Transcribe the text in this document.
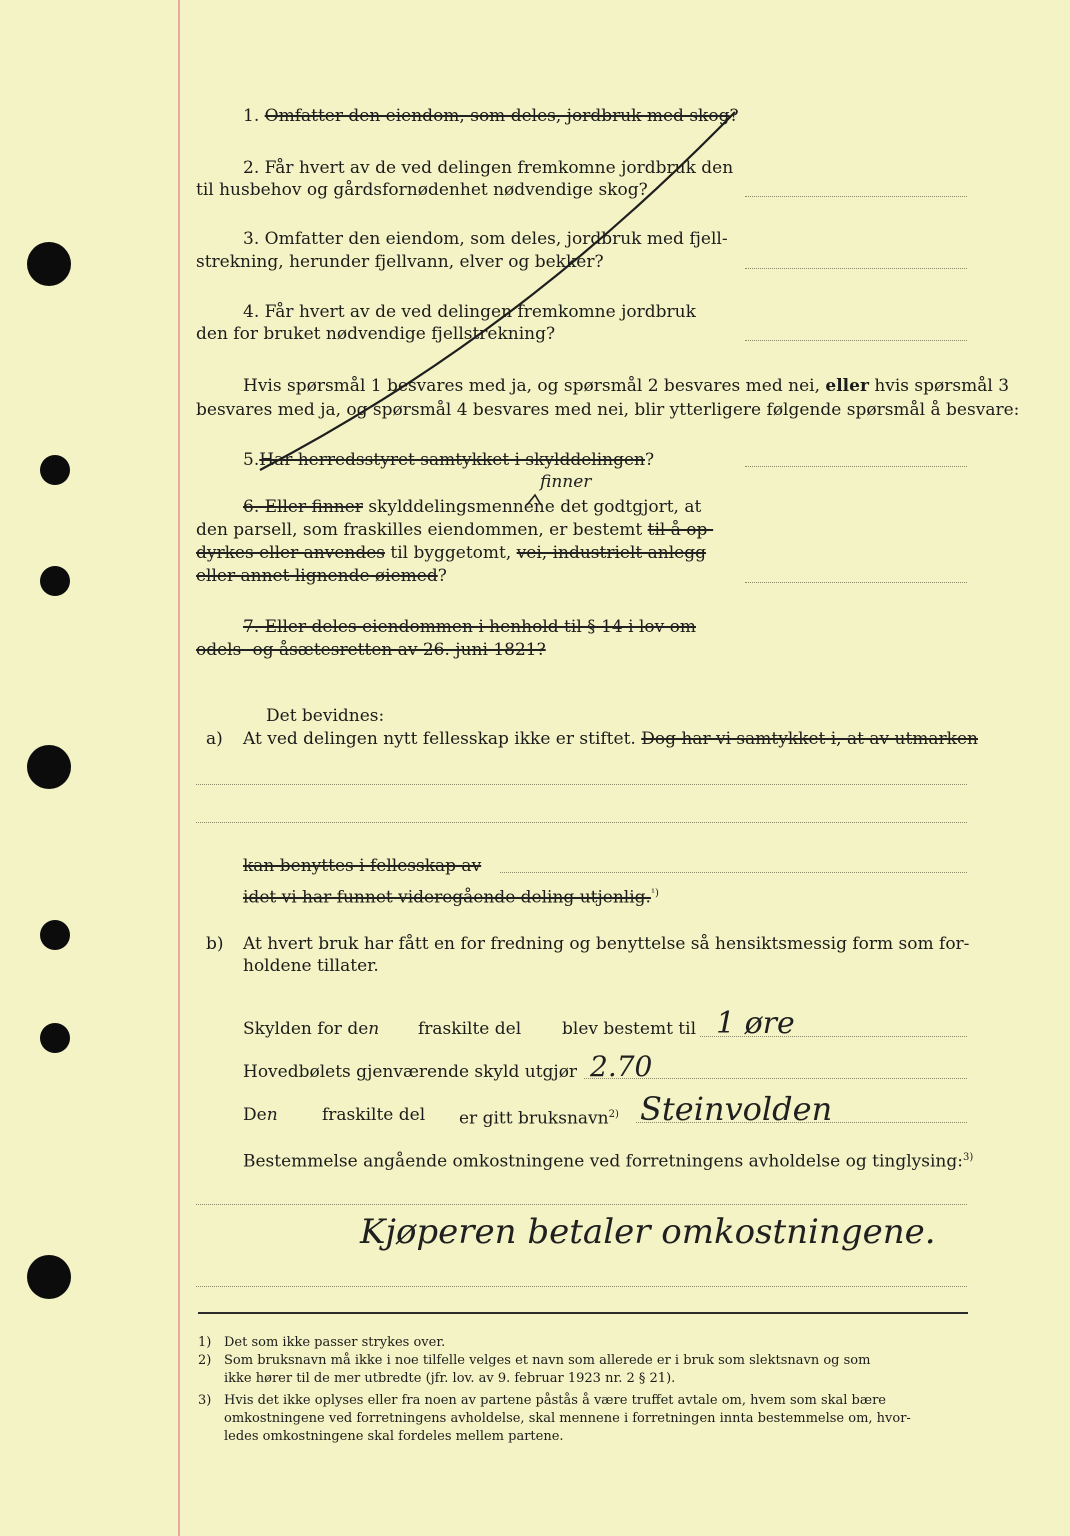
1. Omfatter den eiendom, som deles, jordbruk med skog?
2. Får hvert av de ved delingen fremkomne jordbruk den
til husbehov og gårdsfornødenhet nødvendige skog?
3. Omfatter den eiendom, som deles, jordbruk med fjell-
strekning, herunder fjellvann, elver og bekker?
4. Får hvert av de ved delingen fremkomne jordbruk
den for bruket nødvendige fjellstrekning?
Hvis spørsmål 1 besvares med ja, og spørsmål 2 besvares med nei, eller hvis spørsmål 3
besvares med ja, og spørsmål 4 besvares med nei, blir ytterligere følgende spørsmål å besvare:
5.Har herredsstyret samtykket i skylddelingen?
finner
6. Eller finner skylddelingsmennene det godtgjort, at
den parsell, som fraskilles eiendommen, er bestemt til å op-
dyrkes eller anvendes til byggetomt, vei, industrielt anlegg
eller annet lignende øiemed?
7. Eller deles eiendommen i henhold til § 14 i lov om
odels- og åsætesretten av 26. juni 1821?
Det bevidnes:
a) At ved delingen nytt fellesskap ikke er stiftet. Dog har vi samtykket i, at av utmarken
kan benyttes i fellesskap av
idet vi har funnet videregående deling utjenlig.$^{^1)}$
b) At hvert bruk har fått en for fredning og benyttelse så hensiktsmessig form som for-
holdene tillater.
Skylden for den fraskilte del blev bestemt til 1 øre
Hovedbølets gjenværende skyld utgjør 2.70
Den	fraskilte del er gitt bruksnavn$^{2)}$ Steinvolden
Bestemmelse angående omkostningene ved forretningens avholdelse og tinglysing:$^{3)}$
Kjøperen betaler omkostningene.
1) Det som ikke passer strykes over.
2) Som bruksnavn må ikke i noe tilfelle velges et navn som allerede er i bruk som slektsnavn og som
ikke hører til de mer utbredte (jfr. lov. av 9. februar 1923 nr. 2 § 21).
3) Hvis det ikke oplyses eller fra noen av partene påstås å være truffet avtale om, hvem som skal bære
omkostningene ved forretningens avholdelse, skal mennene i forretningen innta bestemmelse om, hvor-
ledes omkostningene skal fordeles mellem partene.
